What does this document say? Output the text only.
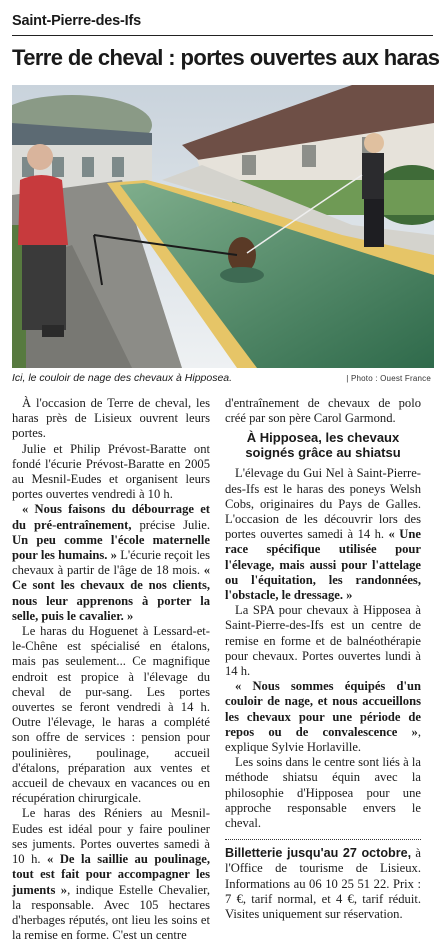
Saint-Pierre-des-Ifs
Terre de cheval : portes ouvertes aux haras
Ici, le couloir de nage des chevaux à Hipposea.	| Photo : Ouest France

À l'occasion de Terre de cheval, les haras près de Lisieux ouvrent leurs portes.

Julie et Philip Prévost-Baratte ont fondé l'écurie Prévost-Baratte en 2005 au Mesnil-Eudes et organisent leurs portes ouvertes vendredi à 10 h.

« Nous faisons du débourrage et du pré-entraînement, précise Julie. Un peu comme l'école maternelle pour les humains. » L'écurie reçoit les chevaux à partir de l'âge de 18 mois. « Ce sont les chevaux de nos clients, nous leur apprenons à porter la selle, puis le cavalier. »

Le haras du Hoguenet à Lessard-et-le-Chêne est spécialisé en étalons, mais pas seulement... Ce magnifique endroit est propice à l'élevage du cheval de pur-sang. Les portes ouvertes se feront vendredi à 14 h. Outre l'élevage, le haras a complété son offre de services : pension pour poulinières, poulinage, accueil d'étalons, préparation aux ventes et accueil de chevaux en vacances ou en récupération chirurgicale.

Le haras des Réniers au Mesnil-Eudes est idéal pour y faire pouliner ses juments. Portes ouvertes samedi à 10 h. « De la saillie au poulinage, tout est fait pour accompagner les juments », indique Estelle Chevalier, la responsable. Avec 105 hectares d'herbages réputés, ont lieu les soins et la remise en forme. C'est un centre

d'entraînement de chevaux de polo créé par son père Carol Garmond.

À Hipposea, les chevaux soignés grâce au shiatsu

L'élevage du Gui Nel à Saint-Pierre-des-Ifs est le haras des poneys Welsh Cobs, originaires du Pays de Galles. L'occasion de les découvrir lors des portes ouvertes samedi à 14 h. « Une race spécifique utilisée pour l'élevage, mais aussi pour l'attelage ou l'équitation, les randonnées, l'obstacle, le dressage. »

La SPA pour chevaux à Hipposea à Saint-Pierre-des-Ifs est un centre de remise en forme et de balnéothérapie pour chevaux. Portes ouvertes lundi à 14 h.

« Nous sommes équipés d'un couloir de nage, et nous accueillons les chevaux pour une période de repos ou de convalescence », explique Sylvie Horlaville.

Les soins dans le centre sont liés à la méthode shiatsu équin avec la philosophie d'Hipposea pour une approche responsable envers le cheval.

Billetterie jusqu'au 27 octobre, à l'Office de tourisme de Lisieux. Informations au 06 10 25 51 22. Prix : 7 €, tarif normal, et 4 €, tarif réduit. Visites uniquement sur réservation.
